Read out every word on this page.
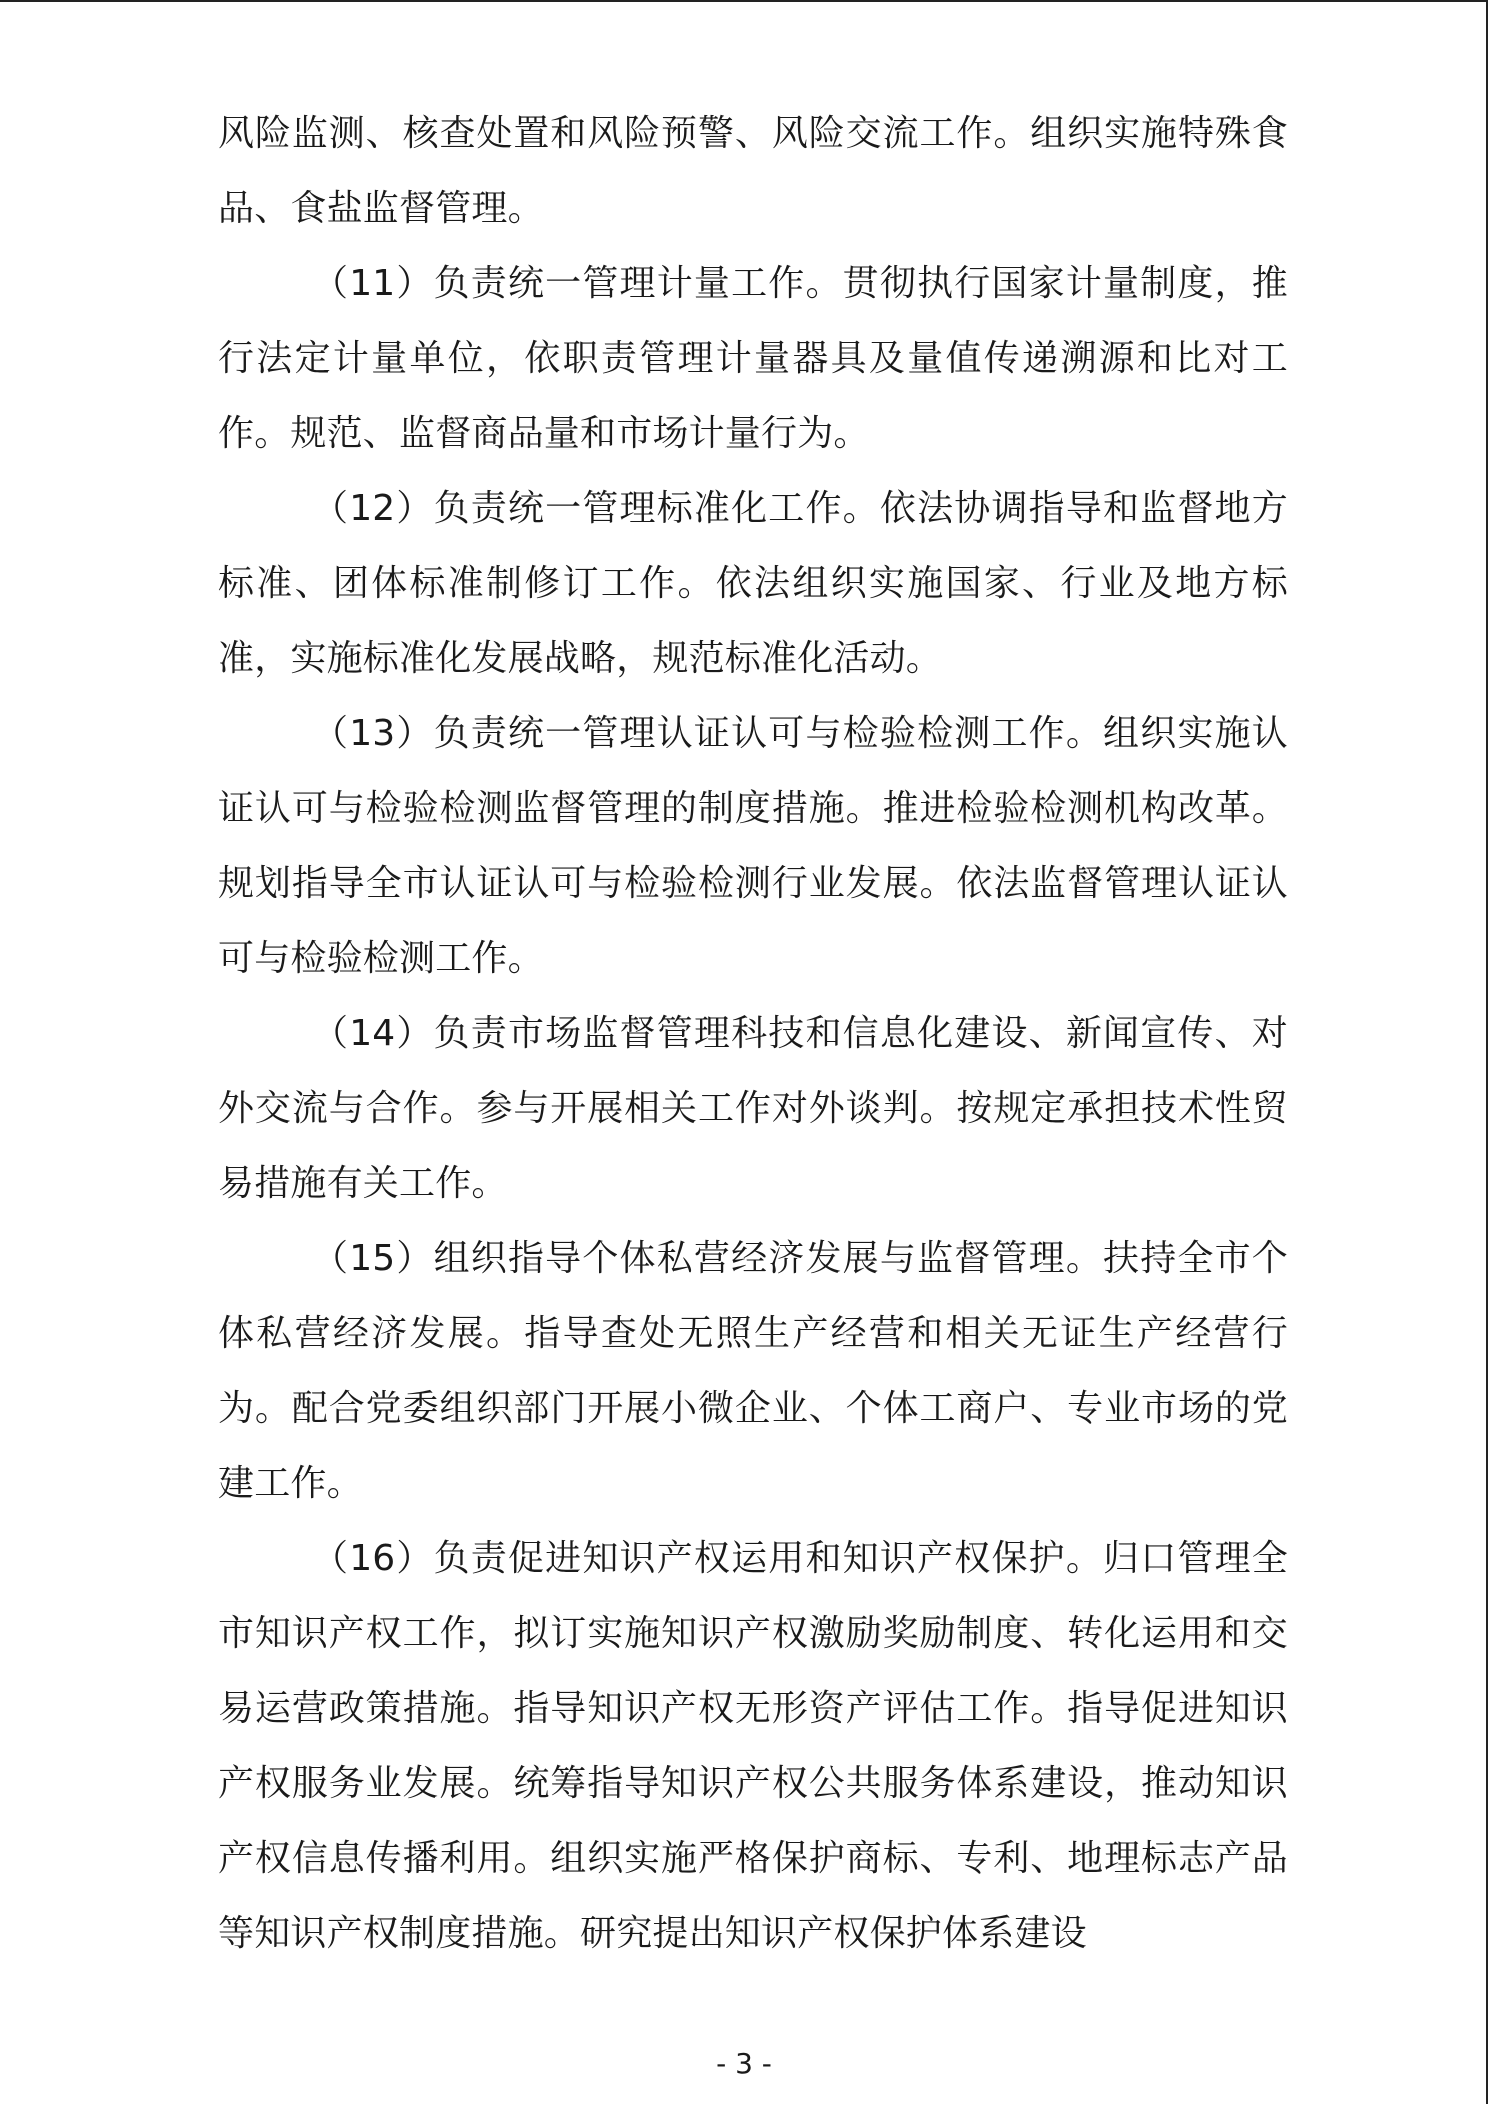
风险监测、核查处置和风险预警、风险交流工作。组织实施特殊食品、食盐监督管理。

（11）负责统一管理计量工作。贯彻执行国家计量制度，推行法定计量单位，依职责管理计量器具及量值传递溯源和比对工作。规范、监督商品量和市场计量行为。

（12）负责统一管理标准化工作。依法协调指导和监督地方标准、团体标准制修订工作。依法组织实施国家、行业及地方标准，实施标准化发展战略，规范标准化活动。

（13）负责统一管理认证认可与检验检测工作。组织实施认证认可与检验检测监督管理的制度措施。推进检验检测机构改革。规划指导全市认证认可与检验检测行业发展。依法监督管理认证认可与检验检测工作。

（14）负责市场监督管理科技和信息化建设、新闻宣传、对外交流与合作。参与开展相关工作对外谈判。按规定承担技术性贸易措施有关工作。

（15）组织指导个体私营经济发展与监督管理。扶持全市个体私营经济发展。指导查处无照生产经营和相关无证生产经营行为。配合党委组织部门开展小微企业、个体工商户、专业市场的党建工作。

（16）负责促进知识产权运用和知识产权保护。归口管理全市知识产权工作，拟订实施知识产权激励奖励制度、转化运用和交易运营政策措施。指导知识产权无形资产评估工作。指导促进知识产权服务业发展。统筹指导知识产权公共服务体系建设，推动知识产权信息传播利用。组织实施严格保护商标、专利、地理标志产品等知识产权制度措施。研究提出知识产权保护体系建设

- 3 -
